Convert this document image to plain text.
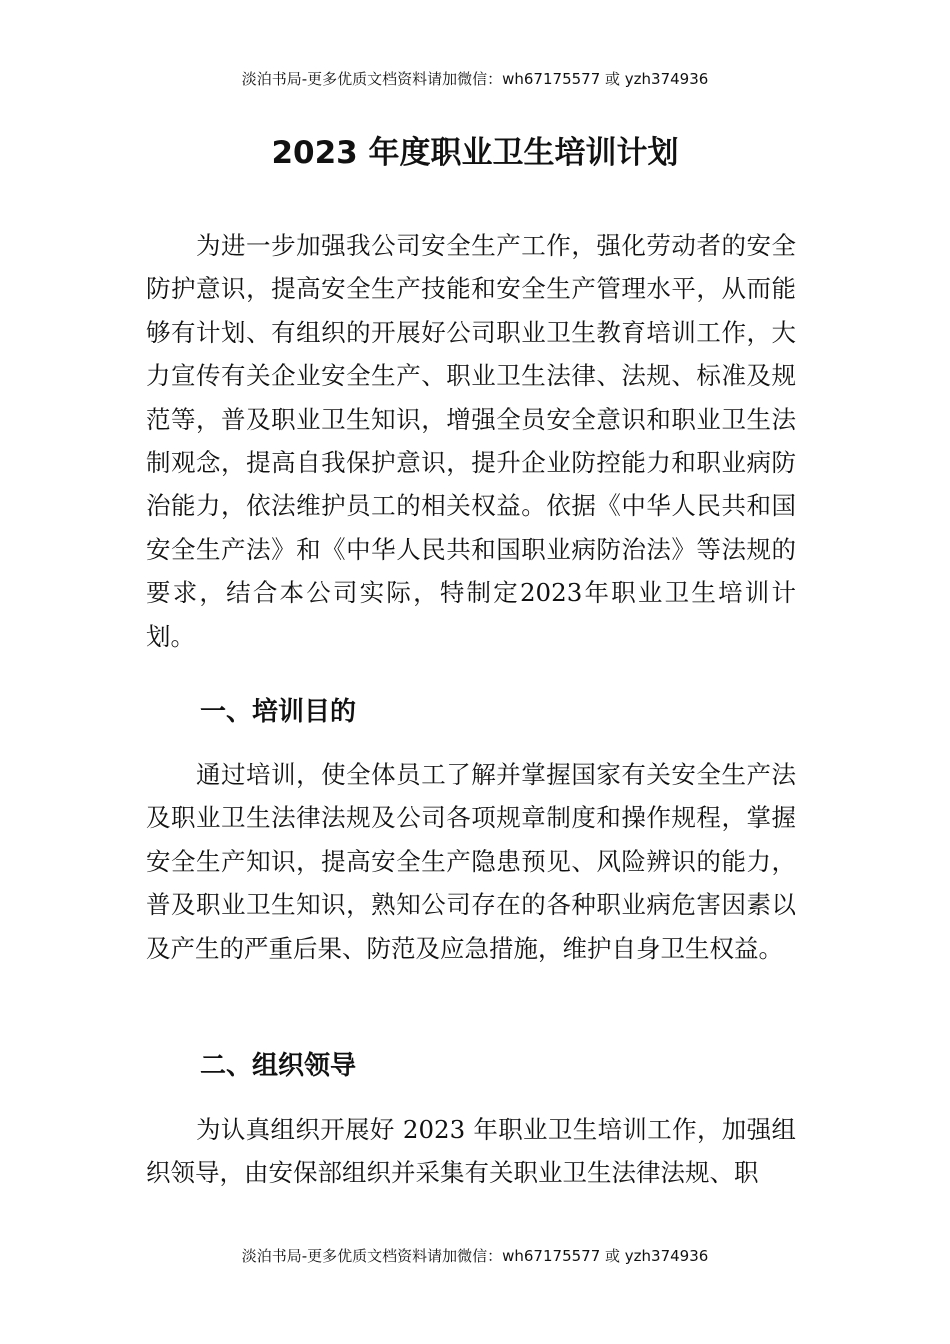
淡泊书局-更多优质文档资料请加微信：wh67175577 或 yzh374936
2023 年度职业卫生培训计划

为进一步加强我公司安全生产工作，强化劳动者的安全防护意识，提高安全生产技能和安全生产管理水平，从而能够有计划、有组织的开展好公司职业卫生教育培训工作，大力宣传有关企业安全生产、职业卫生法律、法规、标准及规范等，普及职业卫生知识，增强全员安全意识和职业卫生法制观念，提高自我保护意识，提升企业防控能力和职业病防治能力，依法维护员工的相关权益。依据《中华人民共和国安全生产法》和《中华人民共和国职业病防治法》等法规的要求，结合本公司实际，特制定2023年职业卫生培训计划。

一、培训目的

通过培训，使全体员工了解并掌握国家有关安全生产法及职业卫生法律法规及公司各项规章制度和操作规程，掌握安全生产知识，提高安全生产隐患预见、风险辨识的能力，普及职业卫生知识，熟知公司存在的各种职业病危害因素以及产生的严重后果、防范及应急措施，维护自身卫生权益。

二、组织领导

为认真组织开展好 2023 年职业卫生培训工作，加强组织领导，由安保部组织并采集有关职业卫生法律法规、职

淡泊书局-更多优质文档资料请加微信：wh67175577 或 yzh374936
